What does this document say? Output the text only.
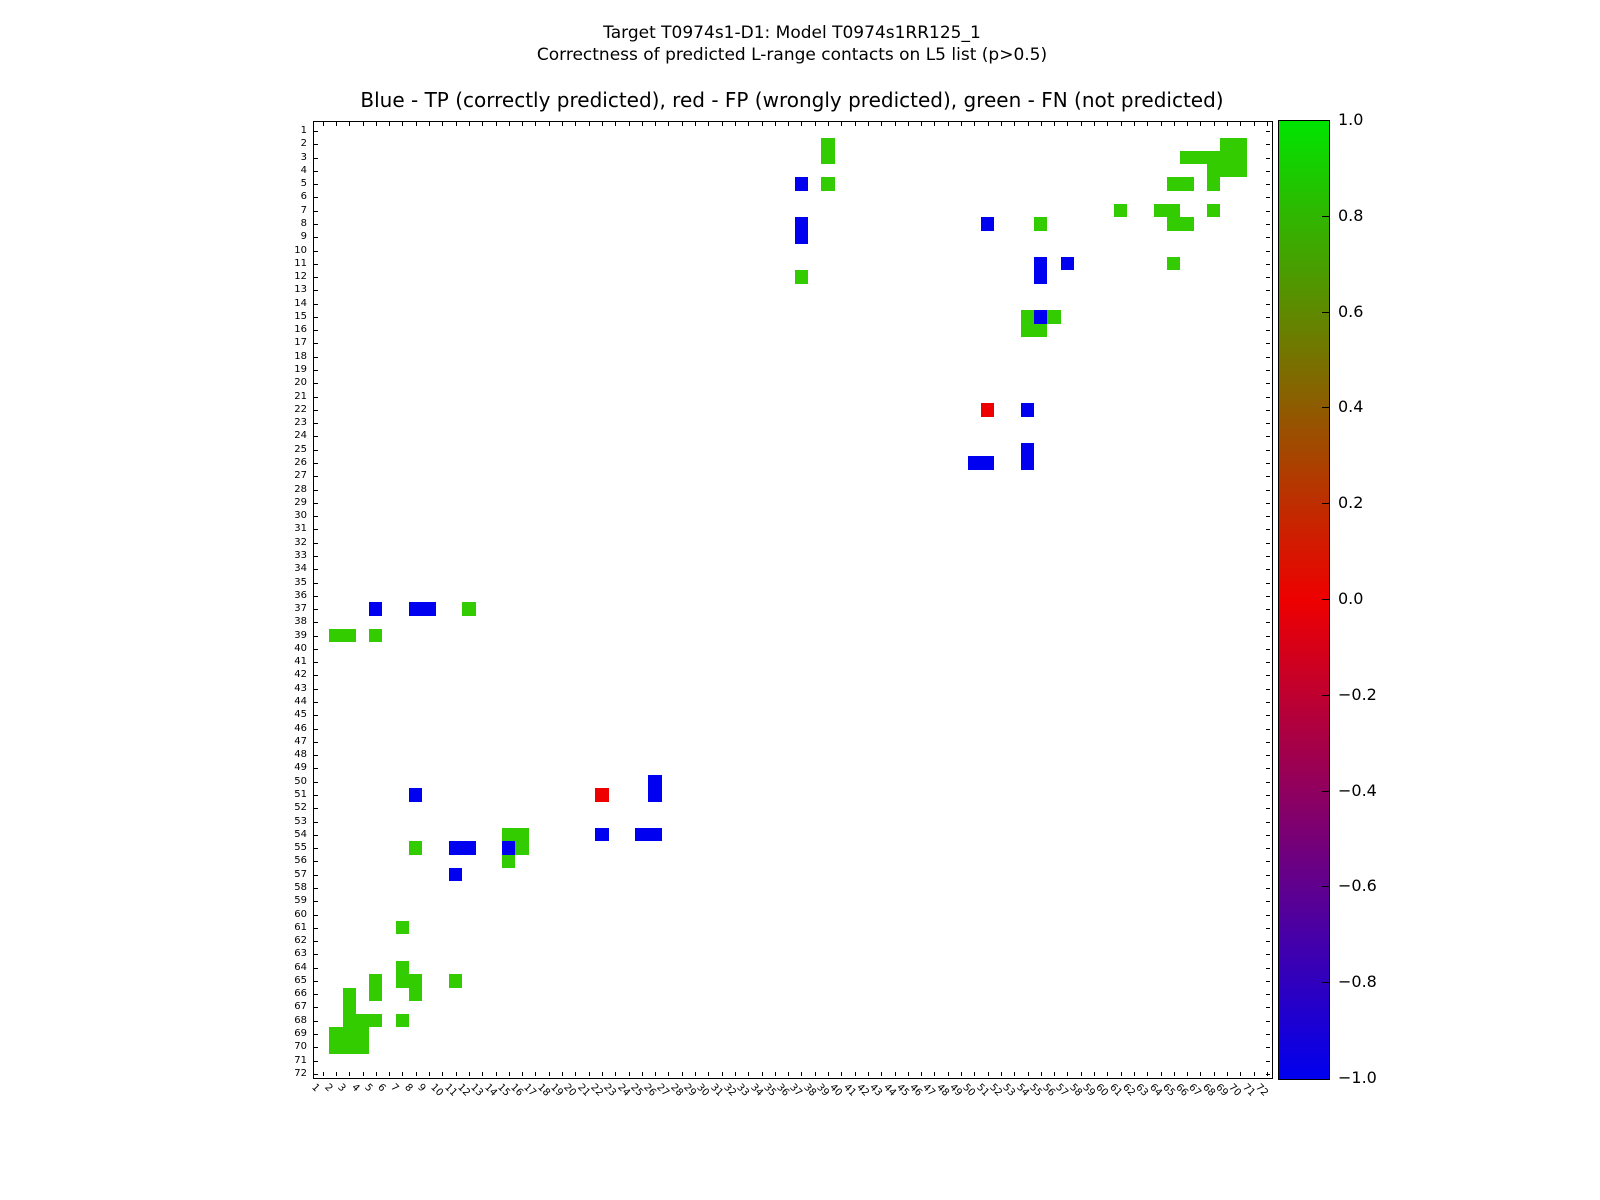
Target T0974s1-D1: Model T0974s1RR125_1
Correctness of predicted L-range contacts on L5 list (p>0.5)
Blue - TP (correctly predicted), red - FP (wrongly predicted), green - FN (not predicted)
1.0
0.8
0.6
0.4
0.2
0.0
−0.2
−0.4
−0.6
−0.8
−1.0
1
1
2
2
3
3
4
4
5
5
6
6
7
7
8
8
9
9
10
10
11
11
12
12
13
13
14
14
15
15
16
16
17
17
18
18
19
19
20
20
21
21
22
22
23
23
24
24
25
25
26
26
27
27
28
28
29
29
30
30
31
31
32
32
33
33
34
34
35
35
36
36
37
37
38
38
39
39
40
40
41
41
42
42
43
43
44
44
45
45
46
46
47
47
48
48
49
49
50
50
51
51
52
52
53
53
54
54
55
55
56
56
57
57
58
58
59
59
60
60
61
61
62
62
63
63
64
64
65
65
66
66
67
67
68
68
69
69
70
70
71
71
72
72
